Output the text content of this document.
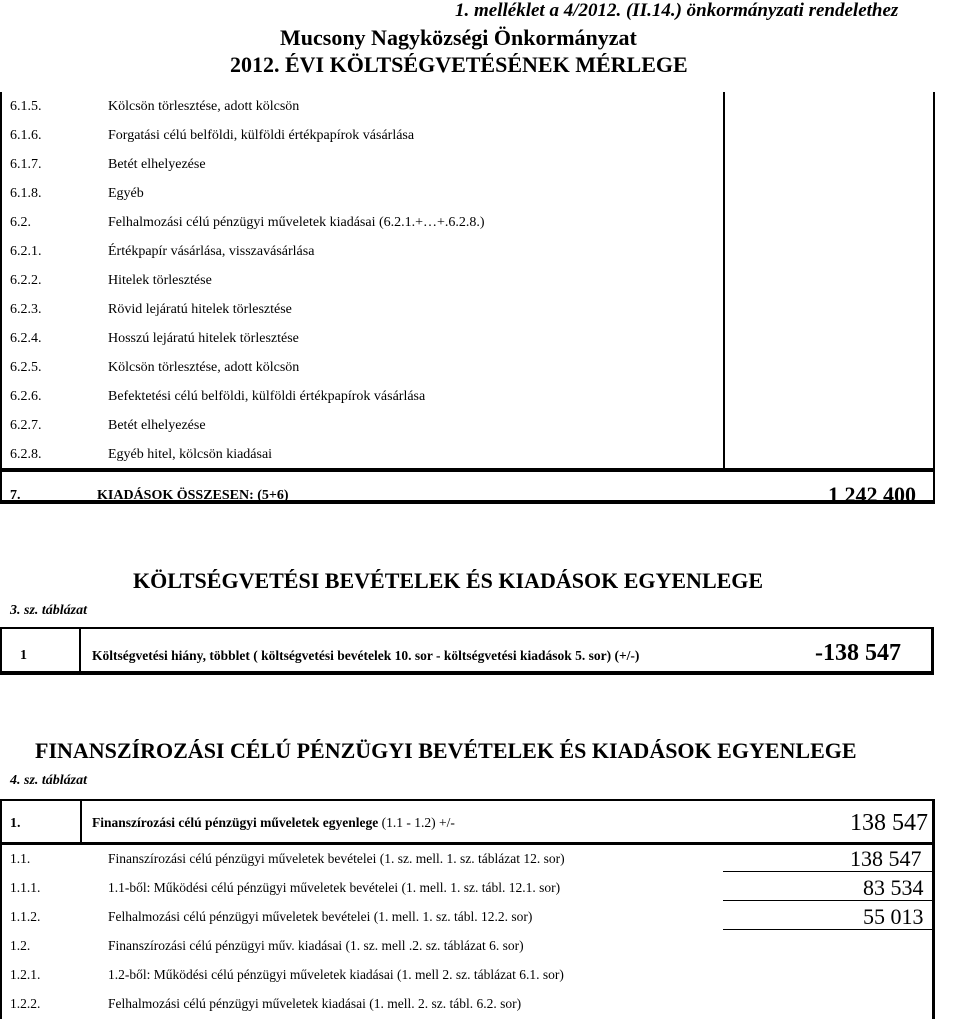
1. melléklet a 4/2012. (II.14.) önkormányzati rendelethez
Mucsony Nagyközségi Önkormányzat
2012. ÉVI KÖLTSÉGVETÉSÉNEK MÉRLEGE
6.1.5.	Kölcsön törlesztése, adott kölcsön
6.1.6.	Forgatási célú belföldi, külföldi értékpapírok vásárlása
6.1.7.	Betét elhelyezése
6.1.8.	Egyéb
6.2.	Felhalmozási célú pénzügyi műveletek kiadásai (6.2.1.+…+.6.2.8.)
6.2.1.	Értékpapír vásárlása, visszavásárlása
6.2.2.	Hitelek törlesztése
6.2.3.	Rövid lejáratú hitelek törlesztése
6.2.4.	Hosszú lejáratú hitelek törlesztése
6.2.5.	Kölcsön törlesztése, adott kölcsön
6.2.6.	Befektetési célú belföldi, külföldi értékpapírok vásárlása
6.2.7.	Betét elhelyezése
6.2.8.	Egyéb hitel, kölcsön kiadásai
7.	KIADÁSOK ÖSSZESEN: (5+6)	1 242 400
KÖLTSÉGVETÉSI BEVÉTELEK ÉS KIADÁSOK EGYENLEGE
3. sz. táblázat
1	Költségvetési hiány, többlet ( költségvetési bevételek 10. sor - költségvetési kiadások 5. sor) (+/-)	-138 547
FINANSZÍROZÁSI CÉLÚ PÉNZÜGYI BEVÉTELEK ÉS KIADÁSOK EGYENLEGE
4. sz. táblázat
1.	Finanszírozási célú pénzügyi műveletek egyenlege (1.1 - 1.2) +/-	138 547
1.1.	Finanszírozási célú pénzügyi műveletek bevételei (1. sz. mell. 1. sz. táblázat 12. sor)	138 547
1.1.1.	1.1-ből: Működési célú pénzügyi műveletek bevételei (1. mell. 1. sz. tábl. 12.1. sor)	83 534
1.1.2.	Felhalmozási célú pénzügyi műveletek bevételei (1. mell. 1. sz. tábl. 12.2. sor)	55 013
1.2.	Finanszírozási célú pénzügyi műv. kiadásai (1. sz. mell .2. sz. táblázat 6. sor)
1.2.1.	1.2-ből: Működési célú pénzügyi műveletek kiadásai (1. mell 2. sz. táblázat 6.1. sor)
1.2.2.	Felhalmozási célú pénzügyi műveletek kiadásai (1. mell. 2. sz. tábl. 6.2. sor)
